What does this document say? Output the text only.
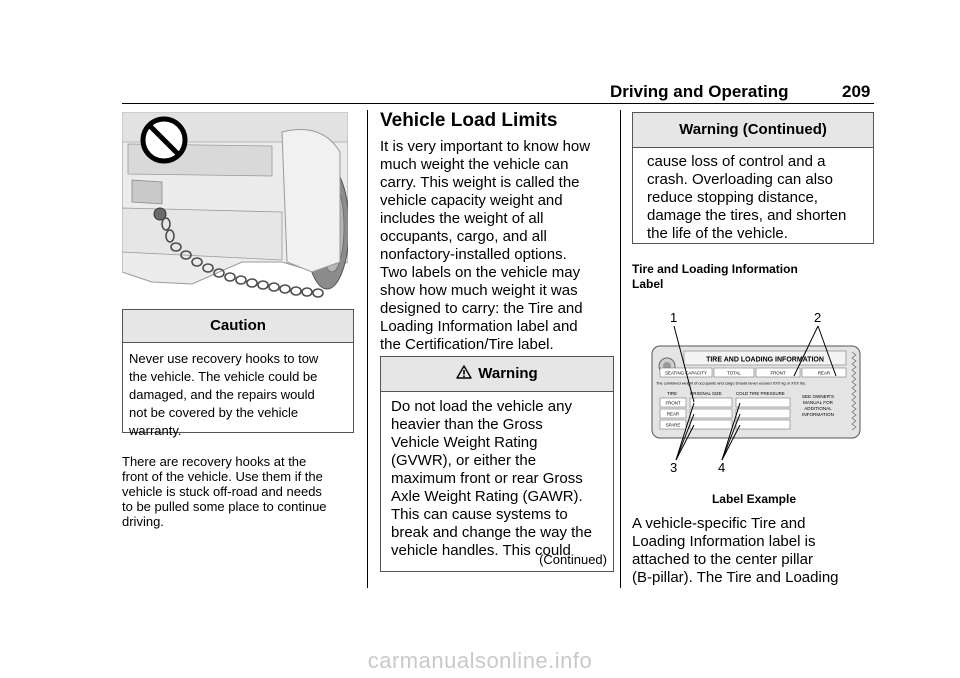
Driving and Operating	209
Caution
Never use recovery hooks to tow
the vehicle. The vehicle could be
damaged, and the repairs would
not be covered by the vehicle
warranty.
There are recovery hooks at the
front of the vehicle. Use them if the
vehicle is stuck off-road and needs
to be pulled some place to continue
driving.
Vehicle Load Limits
It is very important to know how
much weight the vehicle can
carry. This weight is called the
vehicle capacity weight and
includes the weight of all
occupants, cargo, and all
nonfactory-installed options.
Two labels on the vehicle may
show how much weight it was
designed to carry: the Tire and
Loading Information label and
the Certification/Tire label.
Warning
Do not load the vehicle any
heavier than the Gross
Vehicle Weight Rating
(GVWR), or either the
maximum front or rear Gross
Axle Weight Rating (GAWR).
This can cause systems to
break and change the way the
vehicle handles. This could
(Continued)
Warning (Continued)
cause loss of control and a
crash. Overloading can also
reduce stopping distance,
damage the tires, and shorten
the life of the vehicle.
Tire and Loading Information
Label
1	2
3	4
TIRE AND LOADING INFORMATION
SEATING CAPACITY	TOTAL	FRONT	REAR
The combined weight of occupants and cargo should never exceed XXX kg or XXX lbs.
TIRE	ORIGINAL SIZE	COLD TIRE PRESSURE
FRONT
REAR
SPARE
SEE OWNER'S
MANUAL FOR
ADDITIONAL
INFORMATION
Label Example
A vehicle-specific Tire and
Loading Information label is
attached to the center pillar
(B-pillar). The Tire and Loading
carmanualsonline.info
